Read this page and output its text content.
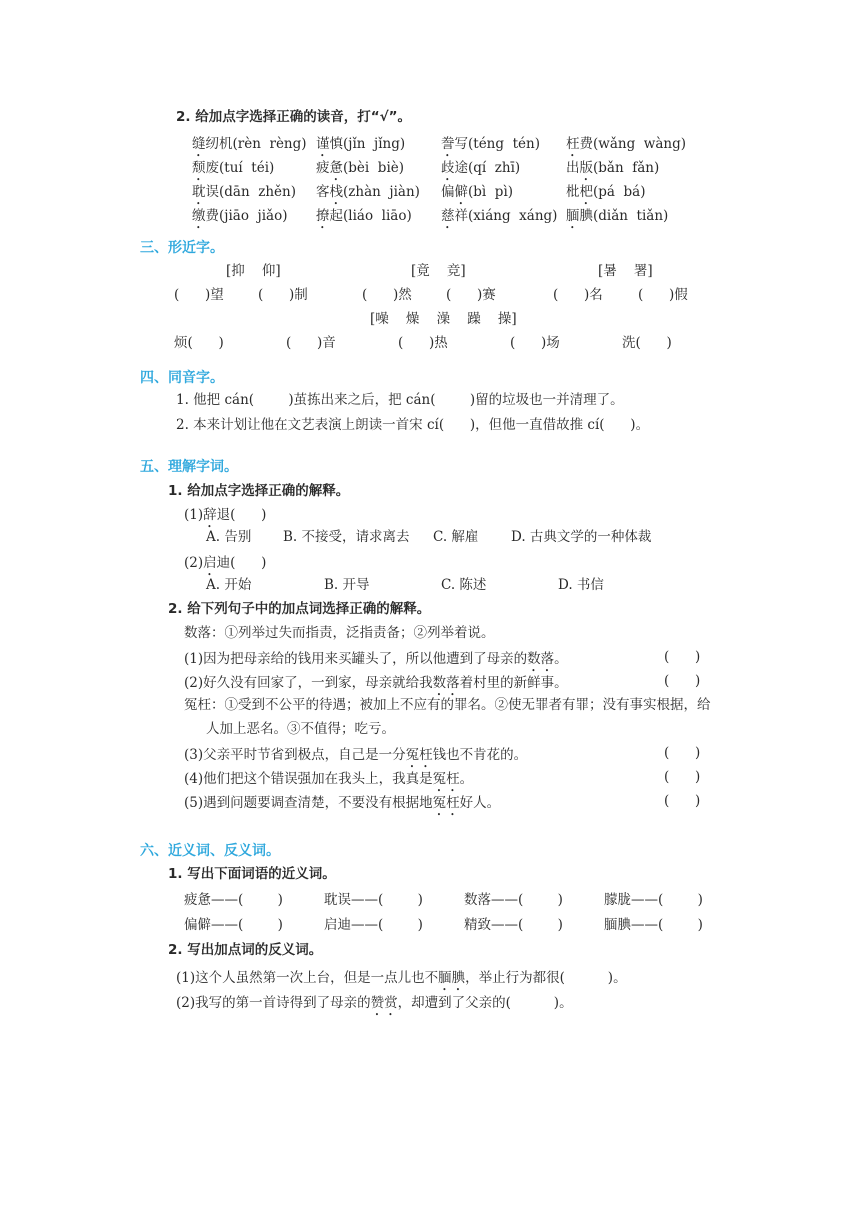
2. 给加点字选择正确的读音，打“√”。
缝纫机(rèn  rèng) 谨慎(jǐn  jǐng)	誊写(téng  tén) 枉费(wǎng  wàng)
颓废(tuí  téi)	疲惫(bèi  biè)	歧途(qí  zhī)	出版(bǎn  fǎn)
耽误(dān  zhěn) 客栈(zhàn  jiàn) 偏僻(bì  pì)	枇杷(pá  bá)
缴费(jiāo  jiǎo) 撩起(liáo  liāo) 慈祥(xiáng  xáng) 腼腆(diǎn  tiǎn)
三、形近字。
[抑    仰]	[竟    竞]	[暑    署]
(      )望	(      )制	(      )然	(      )赛	(      )名	(      )假
[噪    燥    澡    躁    操]
烦(      )	(      )音	(      )热	(      )场	洗(      )
四、同音字。
1. 他把 cán(        )茧拣出来之后，把 cán(        )留的垃圾也一并清理了。
2. 本来计划让他在文艺表演上朗读一首宋 cí(      )，但他一直借故推 cí(      )。
五、理解字词。
1. 给加点字选择正确的解释。
(1)辞退(      )
A. 告别 B. 不接受，请求离去 C. 解雇 D. 古典文学的一种体裁
(2)启迪(      )
A. 开始	B. 开导	C. 陈述	D. 书信
2. 给下列句子中的加点词选择正确的解释。
数落：①列举过失而指责，泛指责备；②列举着说。
(1)因为把母亲给的钱用来买罐头了，所以他遭到了母亲的数落。	(      )
(2)好久没有回家了，一到家，母亲就给我数落着村里的新鲜事。	(      )
冤枉：①受到不公平的待遇；被加上不应有的罪名。②使无罪者有罪；没有事实根据，给
人加上恶名。③不值得；吃亏。
(3)父亲平时节省到极点，自己是一分冤枉钱也不肯花的。	(      )
(4)他们把这个错误强加在我头上，我真是冤枉。	(      )
(5)遇到问题要调查清楚，不要没有根据地冤枉好人。	(      )
六、近义词、反义词。
1. 写出下面词语的近义词。
疲惫——(        )	耽误——(        )	数落——(        )	朦胧——(        )
偏僻——(        )	启迪——(        )	精致——(        )	腼腆——(        )
2. 写出加点词的反义词。
(1)这个人虽然第一次上台，但是一点儿也不腼腆，举止行为都很(          )。
(2)我写的第一首诗得到了母亲的赞赏，却遭到了父亲的(          )。
